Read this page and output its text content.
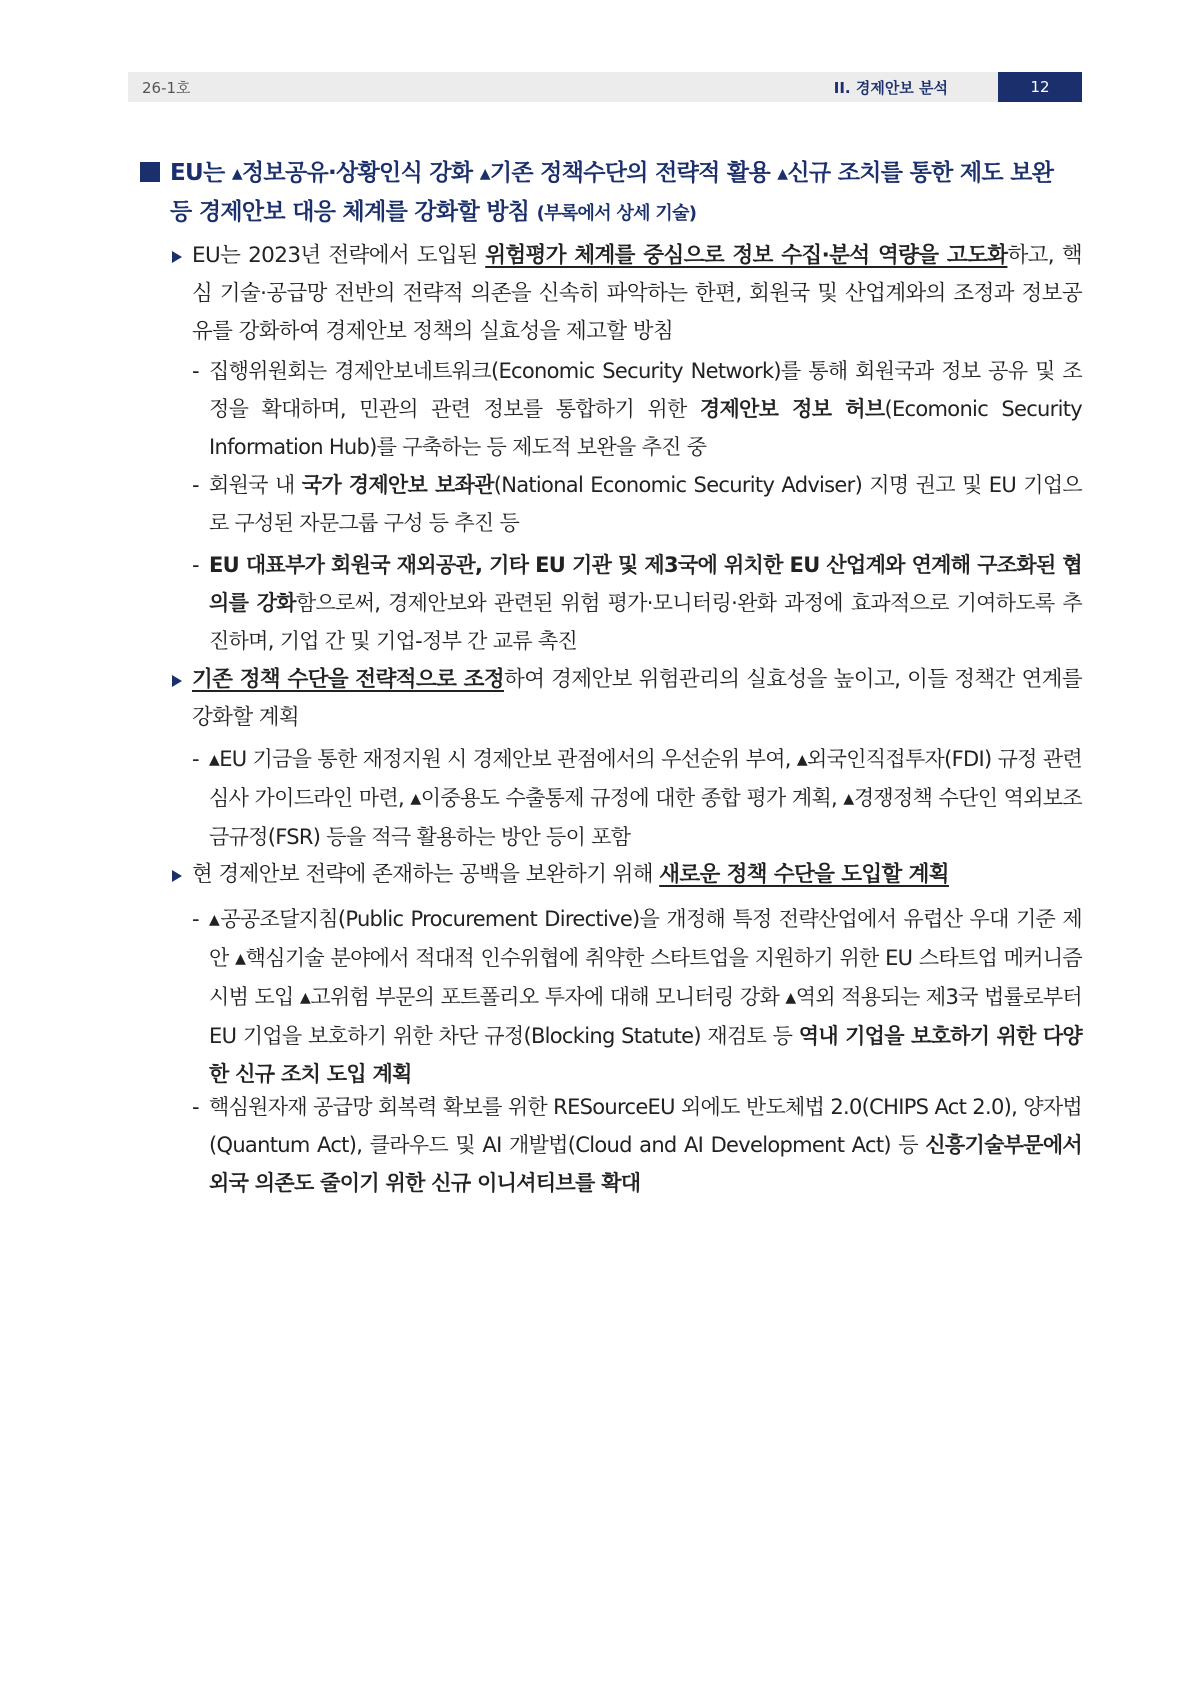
26-1호	II. 경제안보 분석	12
EU는 ▲정보공유·상황인식 강화 ▲기존 정책수단의 전략적 활용 ▲신규 조치를 통한 제도 보완 등 경제안보 대응 체계를 강화할 방침 (부록에서 상세 기술)
EU는 2023년 전략에서 도입된 위험평가 체계를 중심으로 정보 수집·분석 역량을 고도화하고, 핵심 기술·공급망 전반의 전략적 의존을 신속히 파악하는 한편, 회원국 및 산업계와의 조정과 정보공유를 강화하여 경제안보 정책의 실효성을 제고할 방침
- 집행위원회는 경제안보네트워크(Economic Security Network)를 통해 회원국과 정보 공유 및 조정을 확대하며, 민관의 관련 정보를 통합하기 위한 경제안보 정보 허브(Ecomonic Security Information Hub)를 구축하는 등 제도적 보완을 추진 중
- 회원국 내 국가 경제안보 보좌관(National Economic Security Adviser) 지명 권고 및 EU 기업으로 구성된 자문그룹 구성 등 추진 등
- EU 대표부가 회원국 재외공관, 기타 EU 기관 및 제3국에 위치한 EU 산업계와 연계해 구조화된 협의를 강화함으로써, 경제안보와 관련된 위험 평가·모니터링·완화 과정에 효과적으로 기여하도록 추진하며, 기업 간 및 기업-정부 간 교류 촉진
기존 정책 수단을 전략적으로 조정하여 경제안보 위험관리의 실효성을 높이고, 이들 정책간 연계를 강화할 계획
- ▲EU 기금을 통한 재정지원 시 경제안보 관점에서의 우선순위 부여, ▲외국인직접투자(FDI) 규정 관련 심사 가이드라인 마련, ▲이중용도 수출통제 규정에 대한 종합 평가 계획, ▲경쟁정책 수단인 역외보조금규정(FSR) 등을 적극 활용하는 방안 등이 포함
현 경제안보 전략에 존재하는 공백을 보완하기 위해 새로운 정책 수단을 도입할 계획
- ▲공공조달지침(Public Procurement Directive)을 개정해 특정 전략산업에서 유럽산 우대 기준 제안 ▲핵심기술 분야에서 적대적 인수위협에 취약한 스타트업을 지원하기 위한 EU 스타트업 메커니즘 시범 도입 ▲고위험 부문의 포트폴리오 투자에 대해 모니터링 강화 ▲역외 적용되는 제3국 법률로부터 EU 기업을 보호하기 위한 차단 규정(Blocking Statute) 재검토 등 역내 기업을 보호하기 위한 다양한 신규 조치 도입 계획
- 핵심원자재 공급망 회복력 확보를 위한 RESourceEU 외에도 반도체법 2.0(CHIPS Act 2.0), 양자법(Quantum Act), 클라우드 및 AI 개발법(Cloud and AI Development Act) 등 신흥기술부문에서 외국 의존도 줄이기 위한 신규 이니셔티브를 확대
